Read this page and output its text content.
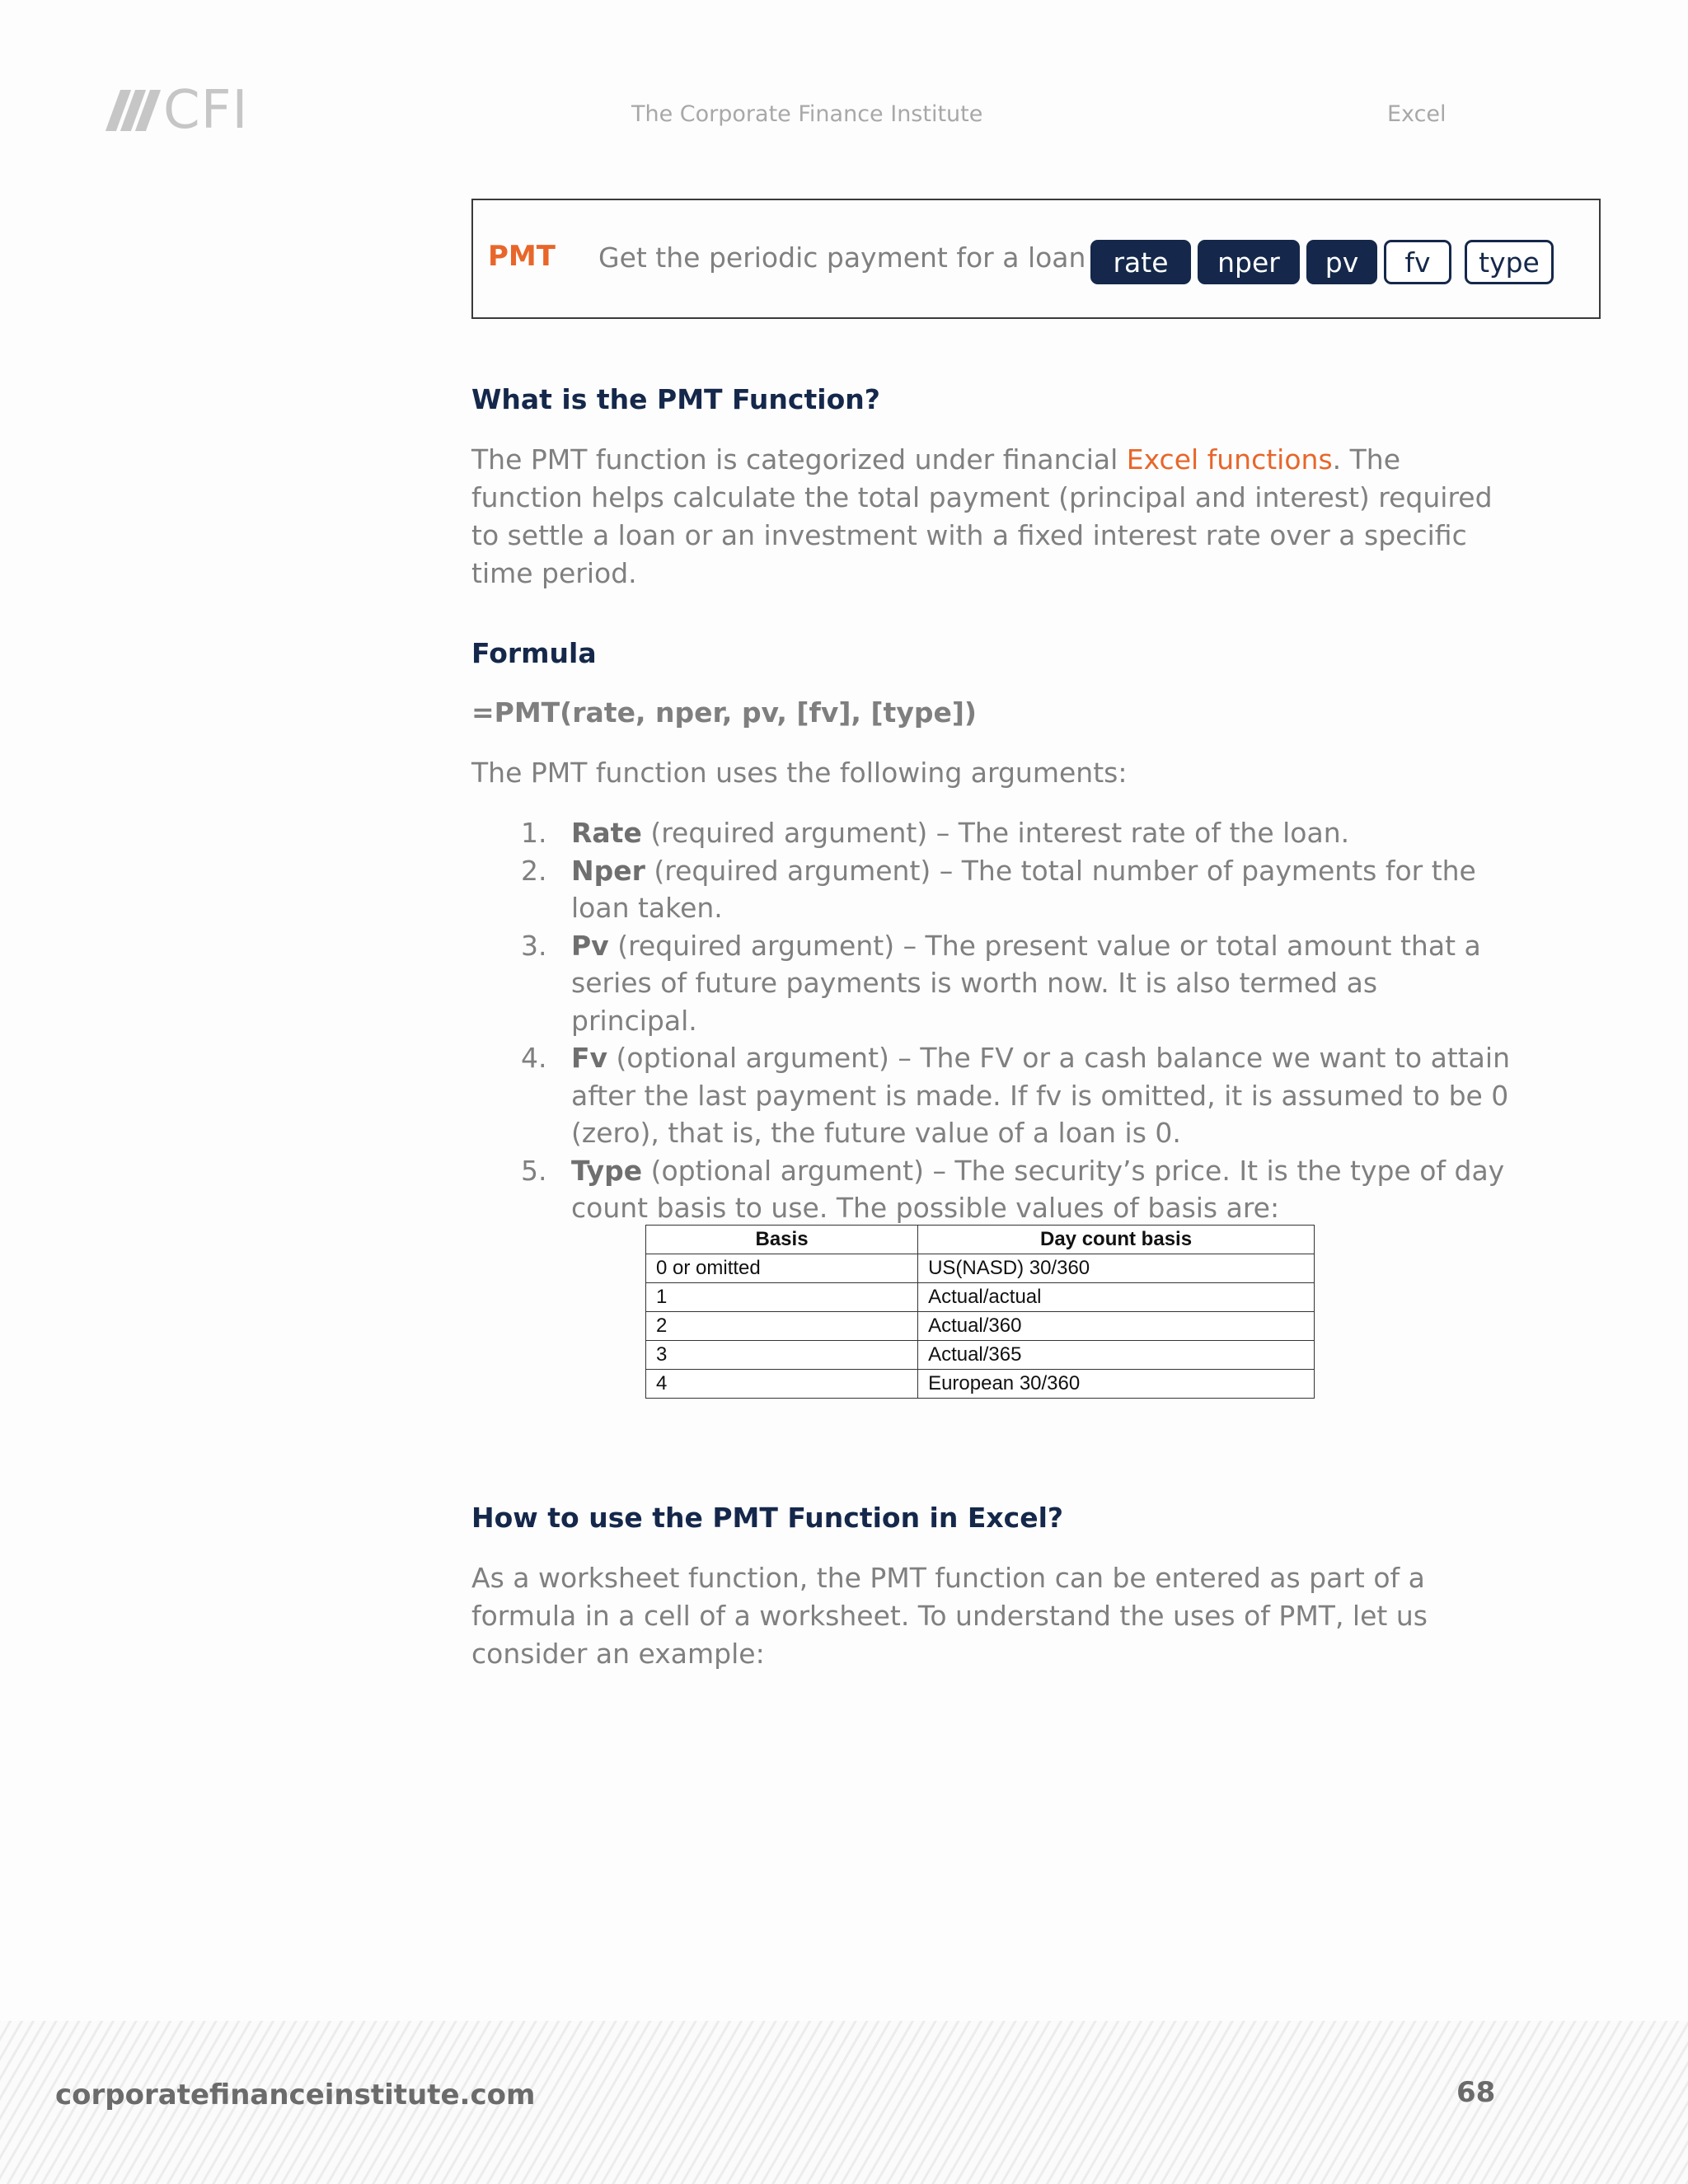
CFI	The Corporate Finance Institute	Excel
PMT Get the periodic payment for a loan	rate	nper	pv	fv	type
What is the PMT Function?
The PMT function is categorized under financial Excel functions. The function helps calculate the total payment (principal and interest) required to settle a loan or an investment with a fixed interest rate over a specific time period.
Formula
=PMT(rate, nper, pv, [fv], [type])
The PMT function uses the following arguments:
1. Rate (required argument) – The interest rate of the loan.
2. Nper (required argument) – The total number of payments for the loan taken.
3. Pv (required argument) – The present value or total amount that a series of future payments is worth now. It is also termed as principal.
4. Fv (optional argument) – The FV or a cash balance we want to attain after the last payment is made. If fv is omitted, it is assumed to be 0 (zero), that is, the future value of a loan is 0.
5. Type (optional argument) – The security’s price. It is the type of day count basis to use. The possible values of basis are:
Basis	Day count basis
0 or omitted	US(NASD) 30/360
1	Actual/actual
2	Actual/360
3	Actual/365
4	European 30/360
How to use the PMT Function in Excel?
As a worksheet function, the PMT function can be entered as part of a formula in a cell of a worksheet. To understand the uses of PMT, let us consider an example:
corporatefinanceinstitute.com	68
